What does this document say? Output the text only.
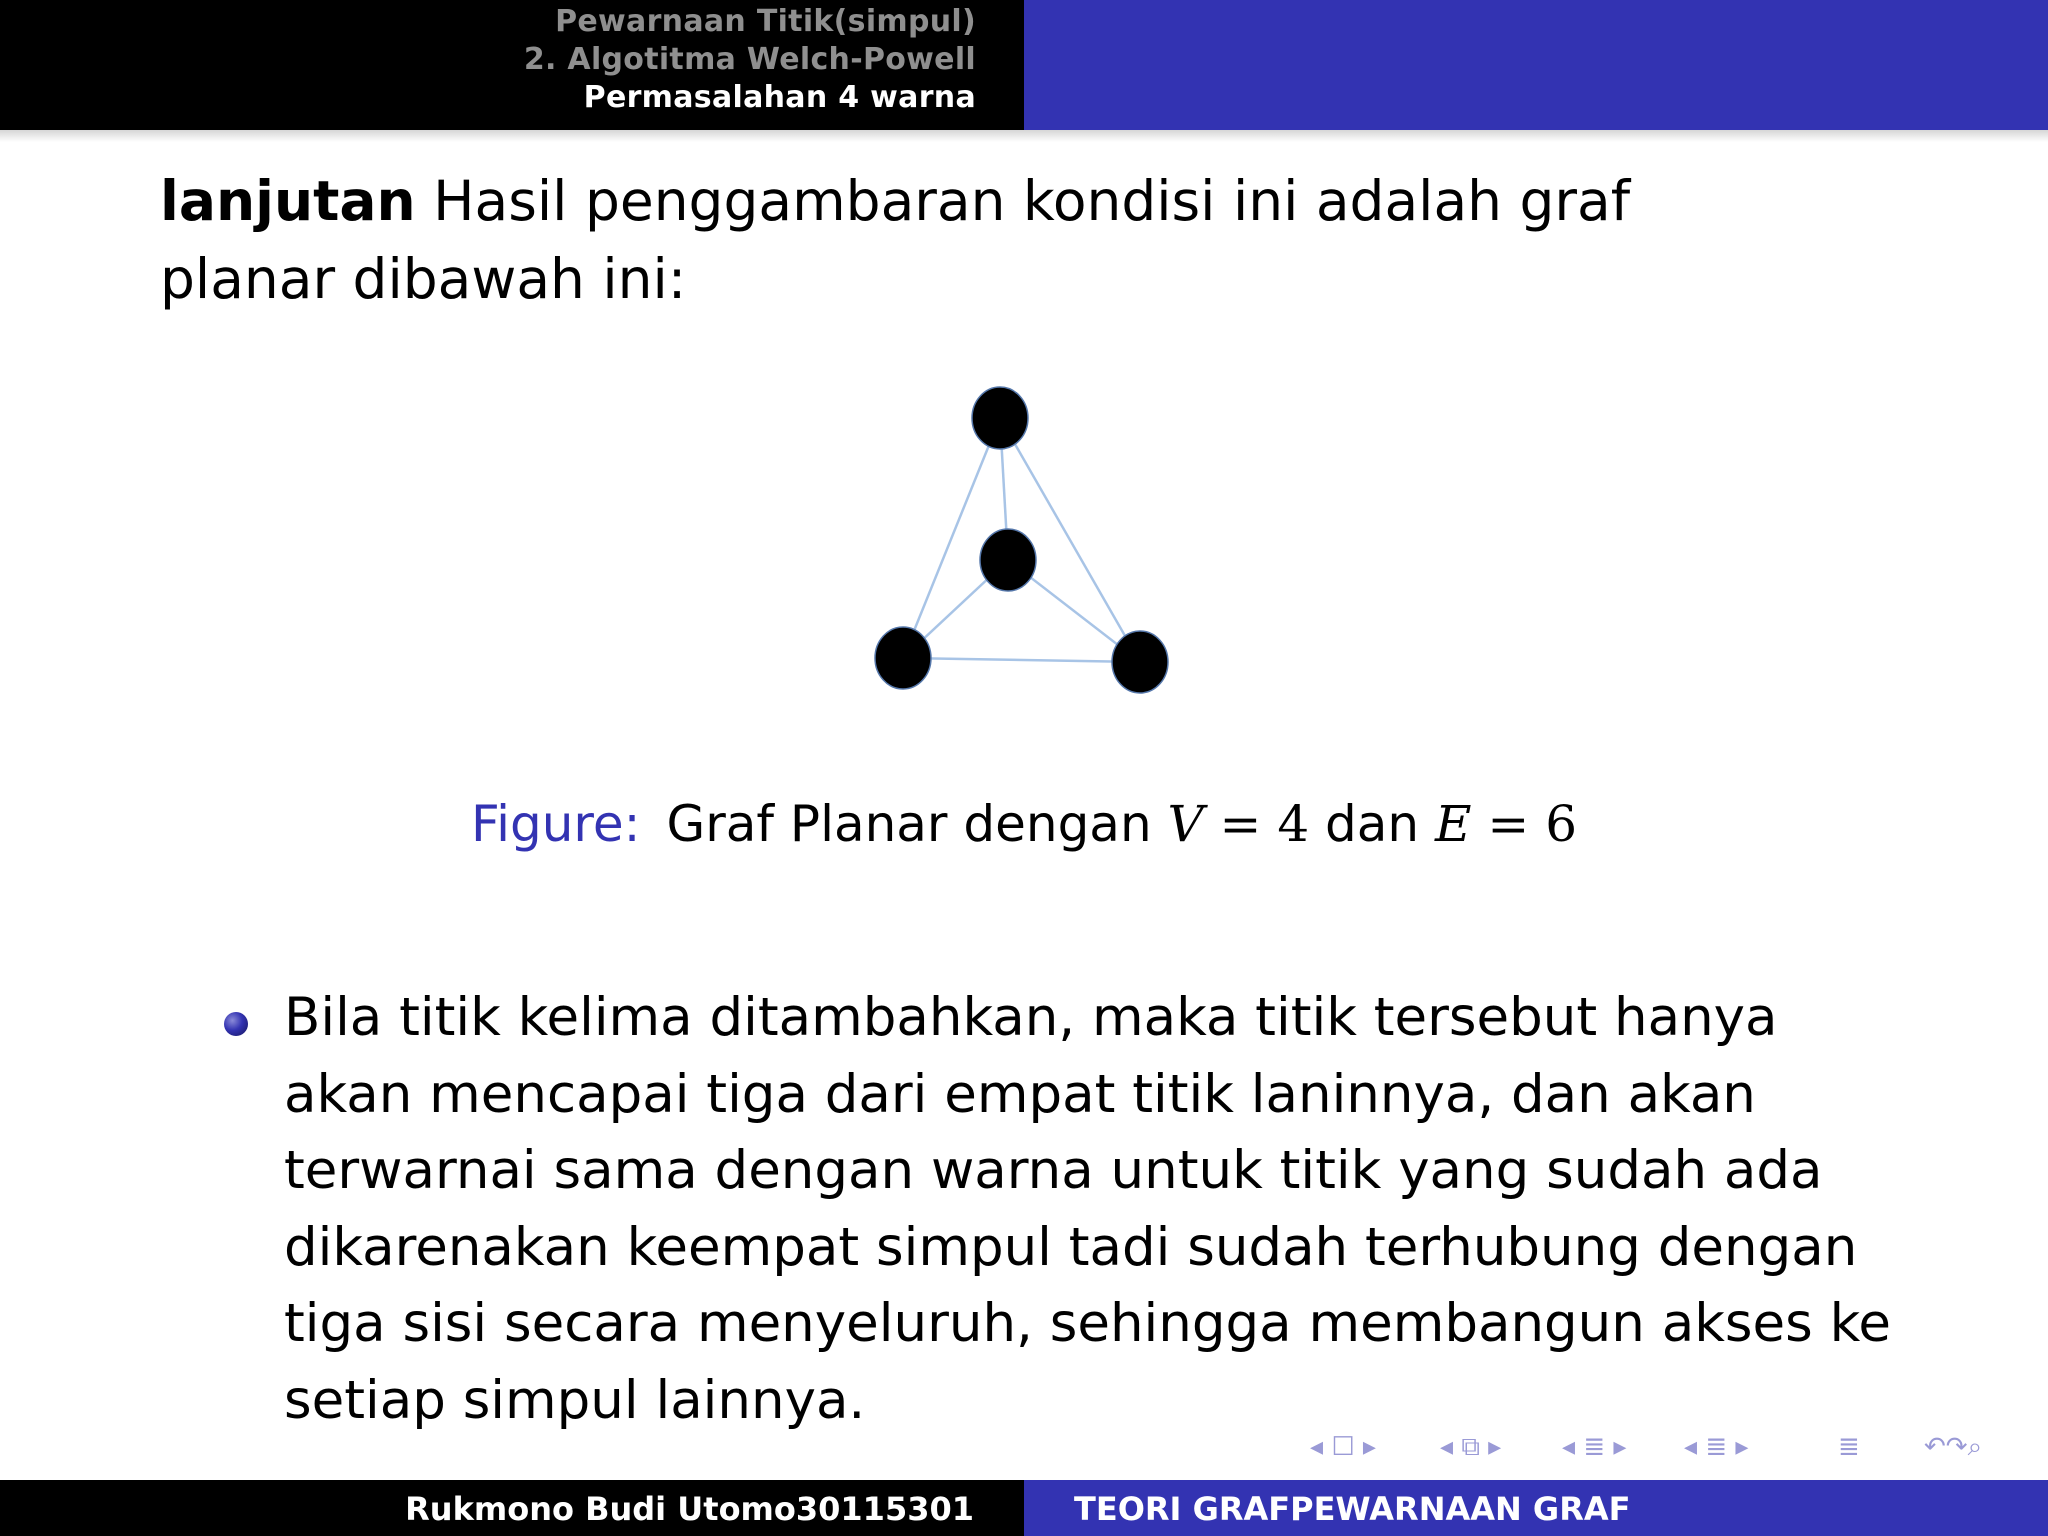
Pewarnaan Titik(simpul)
2. Algotitma Welch-Powell
Permasalahan 4 warna
lanjutan Hasil penggambaran kondisi ini adalah graf planar dibawah ini:
Figure: Graf Planar dengan V = 4 dan E = 6
Bila titik kelima ditambahkan, maka titik tersebut hanya akan mencapai tiga dari empat titik laninnya, dan akan terwarnai sama dengan warna untuk titik yang sudah ada dikarenakan keempat simpul tadi sudah terhubung dengan tiga sisi secara menyeluruh, sehingga membangun akses ke setiap simpul lainnya.
◂ ☐ ▸ ◂ ⧉ ▸ ◂ ≣ ▸ ◂ ≣ ▸	≣ ↶↷⌕
Rukmono Budi Utomo30115301	TEORI GRAFPEWARNAAN GRAF
